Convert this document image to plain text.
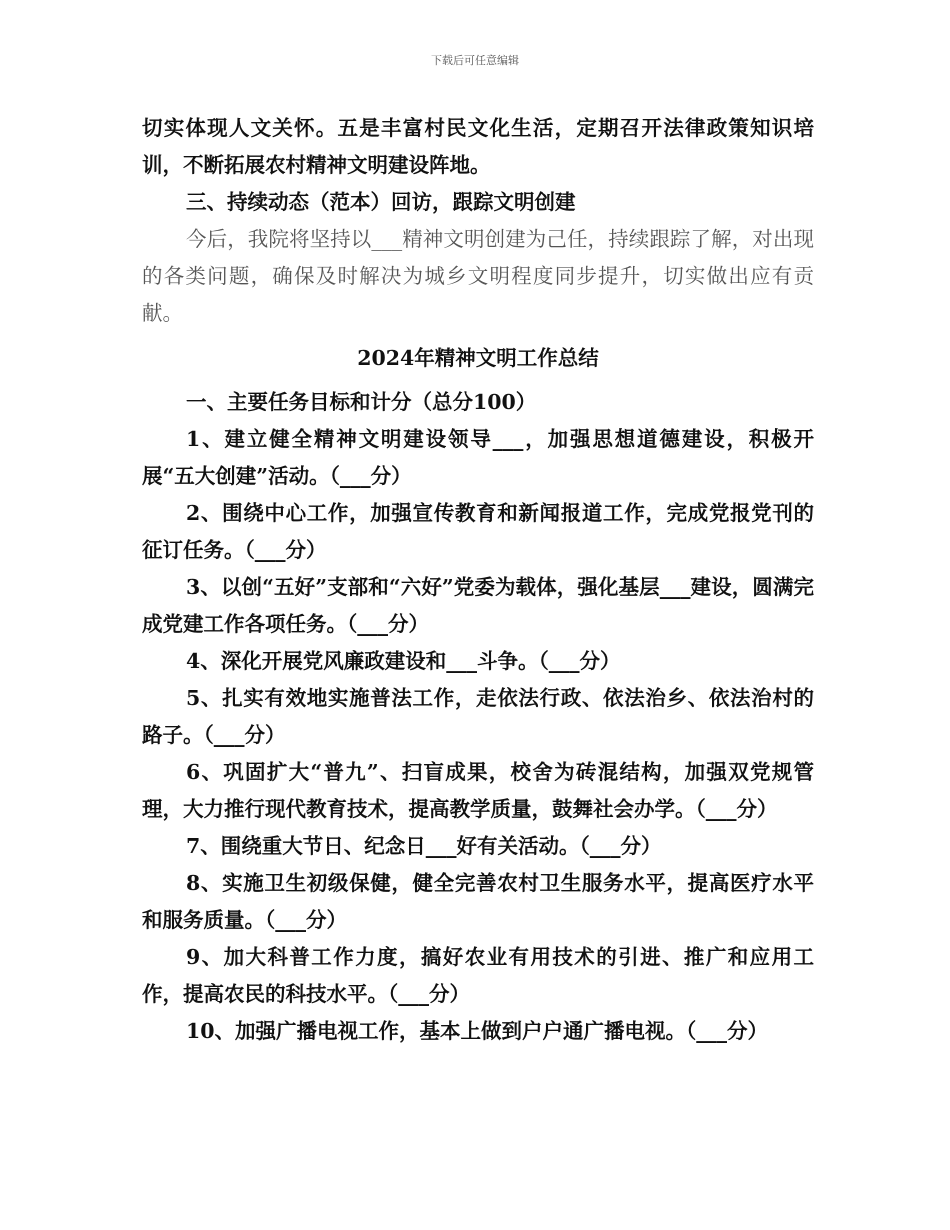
下载后可任意编辑

切实体现人文关怀。五是丰富村民文化生活，定期召开法律政策知识培训，不断拓展农村精神文明建设阵地。

三、持续动态（范本）回访，跟踪文明创建

今后，我院将坚持以___精神文明创建为己任，持续跟踪了解，对出现的各类问题，确保及时解决为城乡文明程度同步提升，切实做出应有贡献。

2024年精神文明工作总结

一、主要任务目标和计分（总分100）

1、建立健全精神文明建设领导___，加强思想道德建设，积极开展“五大创建”活动。（___分）

2、围绕中心工作，加强宣传教育和新闻报道工作，完成党报党刊的征订任务。（___分）

3、以创“五好”支部和“六好”党委为载体，强化基层___建设，圆满完成党建工作各项任务。（___分）

4、深化开展党风廉政建设和___斗争。（___分）

5、扎实有效地实施普法工作，走依法行政、依法治乡、依法治村的路子。（___分）

6、巩固扩大“普九”、扫盲成果，校舍为砖混结构，加强双党规管理，大力推行现代教育技术，提高教学质量，鼓舞社会办学。（___分）

7、围绕重大节日、纪念日___好有关活动。（___分）

8、实施卫生初级保健，健全完善农村卫生服务水平，提高医疗水平和服务质量。（___分）

9、加大科普工作力度，搞好农业有用技术的引进、推广和应用工作，提高农民的科技水平。（___分）

10、加强广播电视工作，基本上做到户户通广播电视。（___分）
